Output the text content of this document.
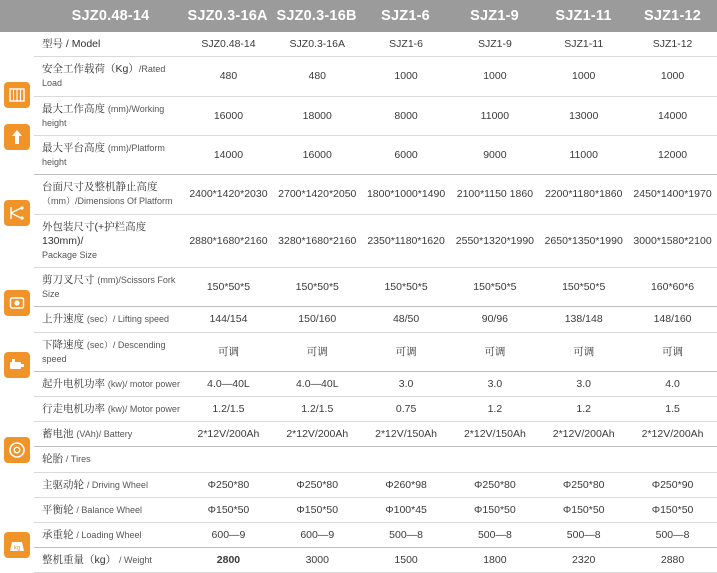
SJZ0.48-14	SJZ0.3-16A SJZ0.3-16B	SJZ1-6	SJZ1-9	SJZ1-11	SJZ1-12
kg
型号 / Model	SJZ0.48-14	SJZ0.3-16A	SJZ1-6	SJZ1-9	SJZ1-11	SJZ1-12
安全工作载荷（Kg）/Rated Load	480	480	1000	1000	1000	1000
最大工作高度 (mm)/Working height	16000	18000	8000	11000	13000	14000
最大平台高度 (mm)/Platform height	14000	16000	6000	9000	11000	12000
台面尺寸及整机静止高度
（mm）/Dimensions Of Platform	2400*1420*2030	2700*1420*2050	1800*1000*1490	2100*1150 1860	2200*1180*1860	2450*1400*1970
外包装尺寸(+护栏高度130mm)/
Package Size	2880*1680*2160	3280*1680*2160	2350*1180*1620	2550*1320*1990	2650*1350*1990	3000*1580*2100
剪刀叉尺寸 (mm)/Scissors Fork Size	150*50*5	150*50*5	150*50*5	150*50*5	150*50*5	160*60*6
上升速度 (sec）/ Lifting speed	144/154	150/160	48/50	90/96	138/148	148/160
下降速度 (sec）/ Descending speed	可调	可调	可调	可调	可调	可调
起升电机功率 (kw)/ motor power	4.0—40L	4.0—40L	3.0	3.0	3.0	4.0
行走电机功率 (kw)/ Motor power	1.2/1.5	1.2/1.5	0.75	1.2	1.2	1.5
蓄电池 (VAh)/ Battery	2*12V/200Ah	2*12V/200Ah	2*12V/150Ah	2*12V/150Ah	2*12V/200Ah	2*12V/200Ah
轮胎 / Tires						
主驱动轮 / Driving Wheel	Φ250*80	Φ250*80	Φ260*98	Φ250*80	Φ250*80	Φ250*90
平衡轮 / Balance Wheel	Φ150*50	Φ150*50	Φ100*45	Φ150*50	Φ150*50	Φ150*50
承重轮 / Loading Wheel	600—9	600—9	500—8	500—8	500—8	500—8
整机重量（kg） / Weight	2800	3000	1500	1800	2320	2880
